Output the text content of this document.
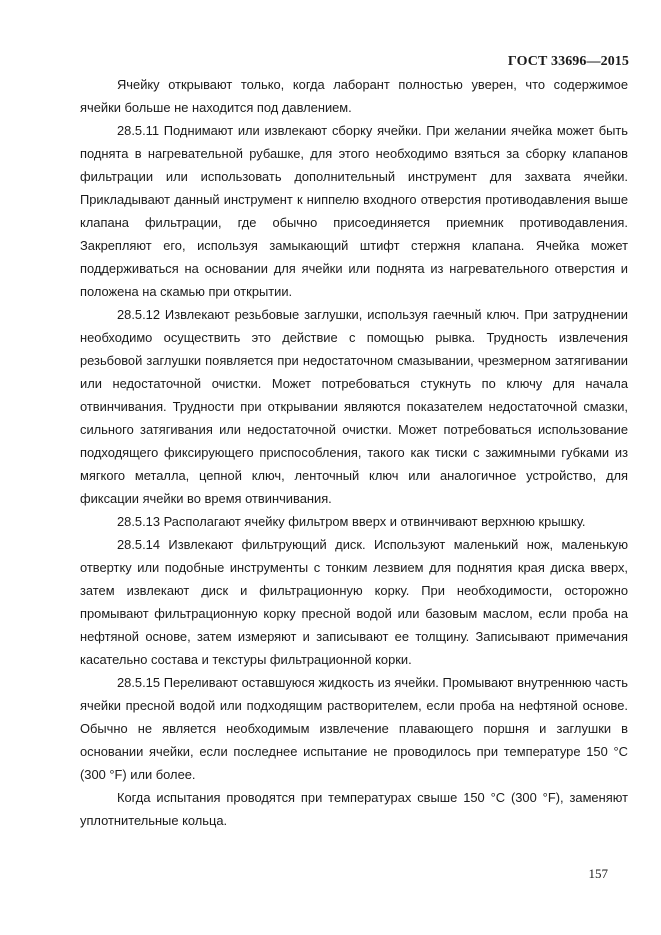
ГОСТ 33696—2015

Ячейку открывают только, когда лаборант полностью уверен, что содержимое ячейки больше не находится под давлением.

28.5.11 Поднимают или извлекают сборку ячейки. При желании ячейка может быть поднята в нагревательной рубашке, для этого необходимо взяться за сборку клапанов фильтрации или использовать дополнительный инструмент для захвата ячейки. Прикладывают данный инструмент к ниппелю входного отверстия противодавления выше клапана фильтрации, где обычно присоединяется приемник противодавления. Закрепляют его, используя замыкающий штифт стержня клапана. Ячейка может поддерживаться на основании для ячейки или поднята из нагревательного отверстия и положена на скамью при открытии.

28.5.12 Извлекают резьбовые заглушки, используя гаечный ключ. При затруднении необходимо осуществить это действие с помощью рывка. Трудность извлечения резьбовой заглушки появляется при недостаточном смазывании, чрезмерном затягивании или недостаточной очистки. Может потребоваться стукнуть по ключу для начала отвинчивания. Трудности при открывании являются показателем недостаточной смазки, сильного затягивания или недостаточной очистки. Может потребоваться использование подходящего фиксирующего приспособления, такого как тиски с зажимными губками из мягкого металла, цепной ключ, ленточный ключ или аналогичное устройство, для фиксации ячейки во время отвинчивания.

28.5.13 Располагают ячейку фильтром вверх и отвинчивают верхнюю крышку.

28.5.14 Извлекают фильтрующий диск. Используют маленький нож, маленькую отвертку или подобные инструменты с тонким лезвием для поднятия края диска вверх, затем извлекают диск и фильтрационную корку. При необходимости, осторожно промывают фильтрационную корку пресной водой или базовым маслом, если проба на нефтяной основе, затем измеряют и записывают ее толщину. Записывают примечания касательно состава и текстуры фильтрационной корки.

28.5.15 Переливают оставшуюся жидкость из ячейки. Промывают внутреннюю часть ячейки пресной водой или подходящим растворителем, если проба на нефтяной основе. Обычно не является необходимым извлечение плавающего поршня и заглушки в основании ячейки, если последнее испытание не проводилось при температуре 150 °С (300 °F) или более.

Когда испытания проводятся при температурах свыше 150 °С (300 °F), заменяют уплотнительные кольца.

157
